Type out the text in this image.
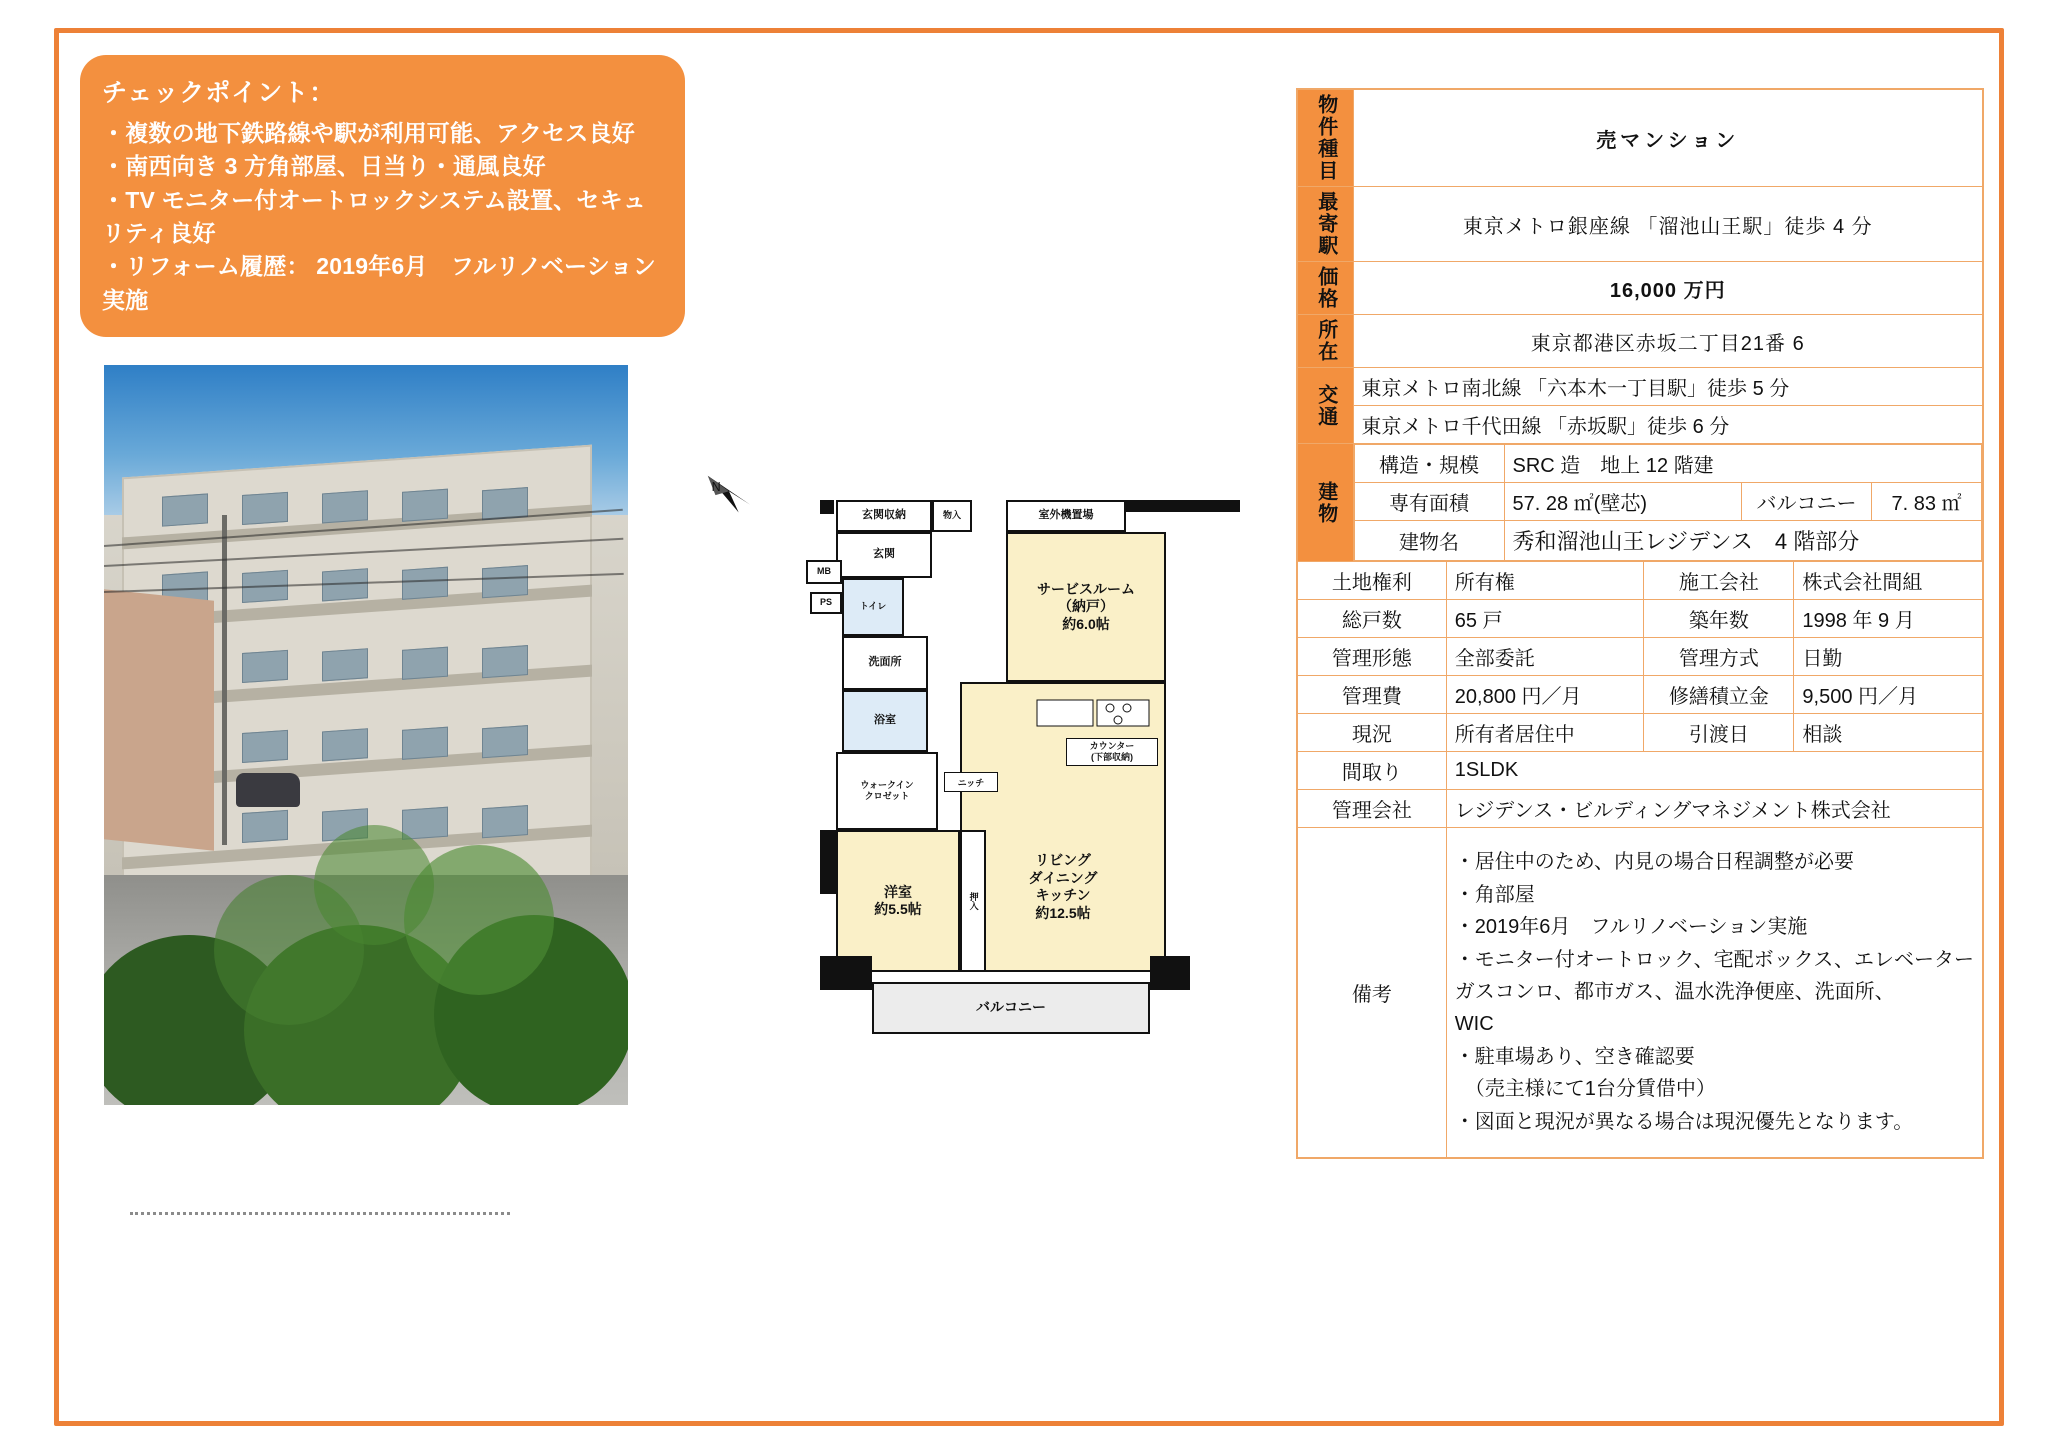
チェックポイント：
・複数の地下鉄路線や駅が利用可能、アクセス良好
・南西向き 3 方角部屋、日当り・通風良好
・TV モニター付オートロックシステム設置、セキュリティ良好
・リフォーム履歴： 2019年6月　フルリノベーション実施
N
玄関収納	物入	室外機置場
サービスルーム
（納戸）
約6.0帖
玄関
MB
PS	トイレ
洗面所
浴室
ウォークイン
クロゼット
リビング
ダイニング
キッチン
約12.5帖
カウンター
(下部収納)
ニッチ
洋室
約5.5帖	押入
バルコニー
物件種目	売マンション
最寄駅	東京メトロ銀座線 「溜池山王駅」徒歩 4 分
価格	16,000 万円
所在	東京都港区赤坂二丁目21番 6
交通	東京メトロ南北線 「六本木一丁目駅」徒歩 5 分
東京メトロ千代田線 「赤坂駅」徒歩 6 分
建物	
構造・規模	SRC 造　地上 12 階建
専有面積	57. 28 ㎡(壁芯)	バルコニー	7. 83 ㎡
建物名	秀和溜池山王レジデンス　4 階部分

土地権利	所有権	施工会社	株式会社間組
総戸数	65 戸	築年数	1998 年 9 月
管理形態	全部委託	管理方式	日勤
管理費	20,800 円／月	修繕積立金	9,500 円／月
現況	所有者居住中	引渡日	相談
間取り	1SLDK
管理会社	レジデンス・ビルディングマネジメント株式会社
備考	
・居住中のため、内見の場合日程調整が必要
・角部屋
・2019年6月　フルリノベーション実施
・モニター付オートロック、宅配ボックス、エレベーター
ガスコンロ、都市ガス、温水洗浄便座、洗面所、
WIC
・駐車場あり、空き確認要
　（売主様にて1台分賃借中）
・図面と現況が異なる場合は現況優先となります。
